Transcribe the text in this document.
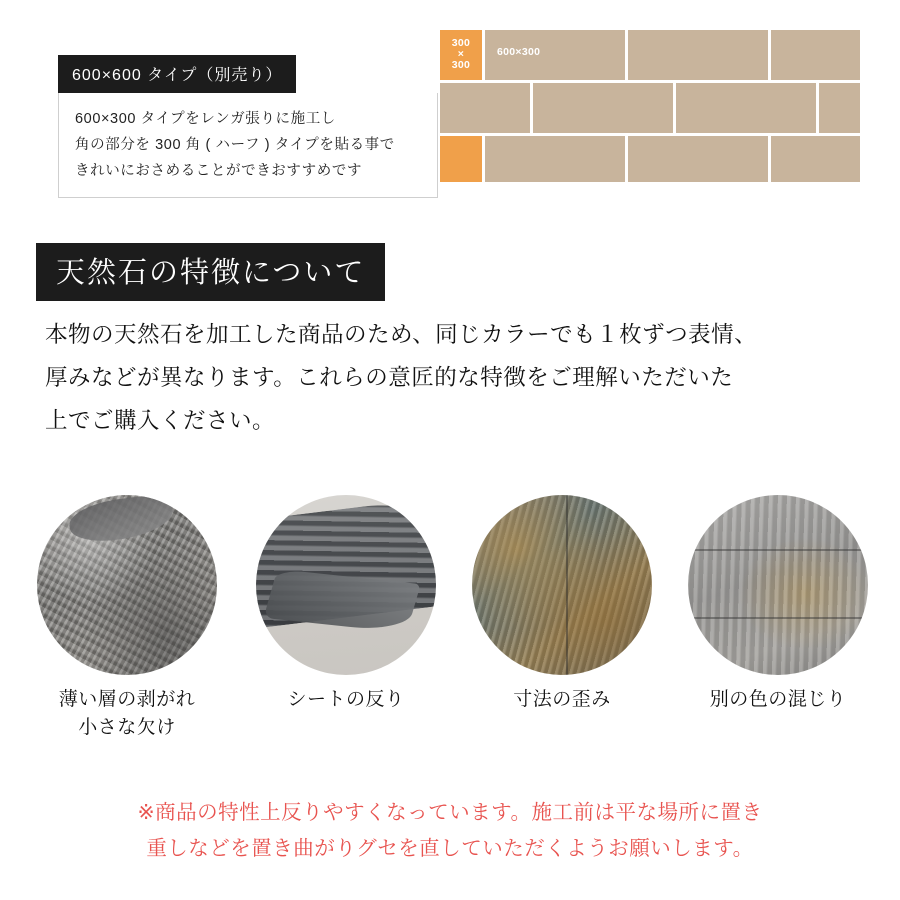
600×600 タイプ（別売り）
600×300 タイプをレンガ張りに施工し
角の部分を 300 角 ( ハーフ ) タイプを貼る事で
きれいにおさめることができおすすめです
300
×
300
600×300
天然石の特徴について
本物の天然石を加工した商品のため、同じカラーでも１枚ずつ表情、
厚みなどが異なります。これらの意匠的な特徴をご理解いただいた
上でご購入ください。
薄い層の剥がれ
小さな欠け
シートの反り	寸法の歪み	別の色の混じり
※商品の特性上反りやすくなっています。施工前は平な場所に置き
重しなどを置き曲がりグセを直していただくようお願いします。
